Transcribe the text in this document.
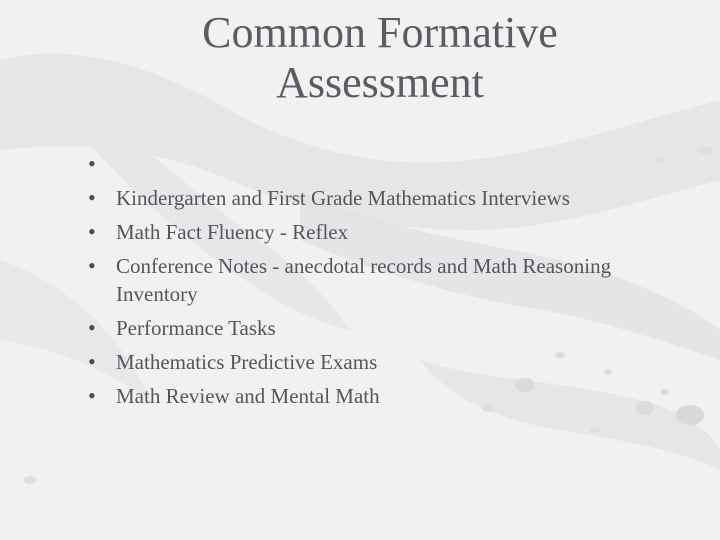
Common Formative
Assessment
•
• Kindergarten and First Grade Mathematics Interviews
• Math Fact Fluency - Reflex
• Conference Notes - anecdotal records and Math Reasoning Inventory
• Performance Tasks
• Mathematics Predictive Exams
• Math Review and Mental Math
